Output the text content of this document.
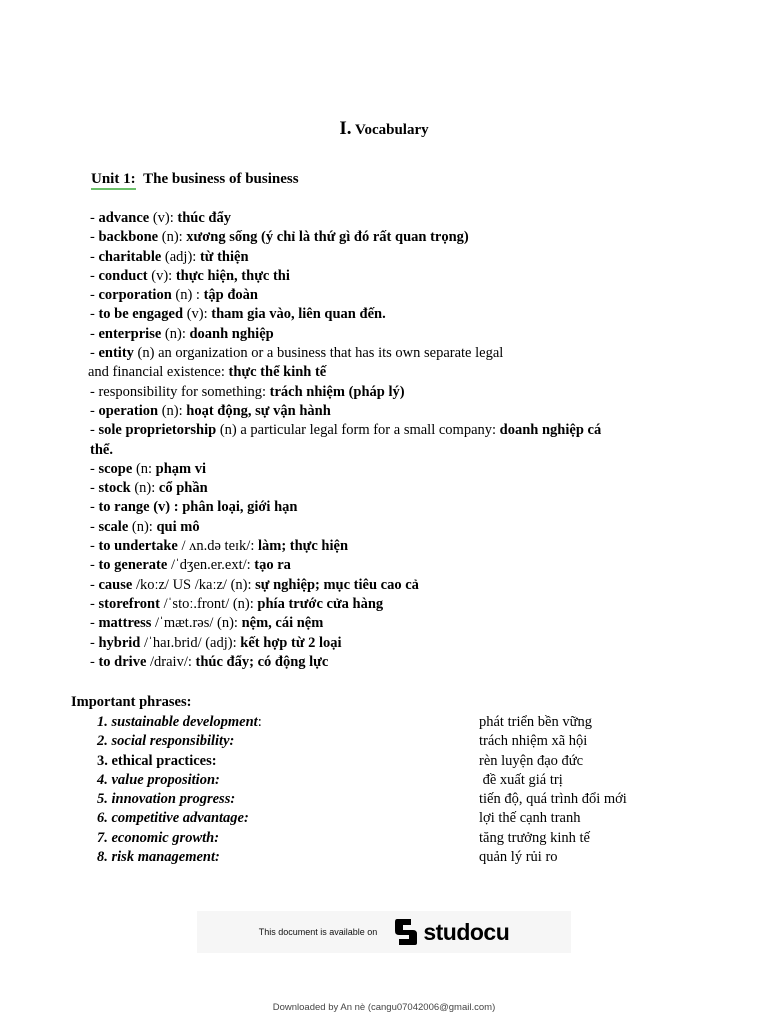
I. Vocabulary
Unit 1: The business of business
- advance (v): thúc đẩy
- backbone (n): xương sống (ý chỉ là thứ gì đó rất quan trọng)
- charitable (adj): từ thiện
- conduct (v): thực hiện, thực thi
- corporation (n) : tập đoàn
- to be engaged (v): tham gia vào, liên quan đến.
- enterprise (n): doanh nghiệp
- entity (n) an organization or a business that has its own separate legal
and financial existence: thực thể kinh tế
- responsibility for something: trách nhiệm (pháp lý)
- operation (n): hoạt động, sự vận hành
- sole proprietorship (n) a particular legal form for a small company: doanh nghiệp cá
thể.
- scope (n: phạm vi
- stock (n): cổ phần
- to range (v) : phân loại, giới hạn
- scale (n): qui mô
- to undertake / ʌn.də teɪk/: làm; thực hiện
- to generate /ˈdʒen.er.ext/: tạo ra
- cause /koːz/ US /kaːz/ (n): sự nghiệp; mục tiêu cao cả
- storefront /ˈstoː.front/ (n): phía trước cửa hàng
- mattress /ˈmæt.rəs/ (n): nệm, cái nệm
- hybrid /ˈhaɪ.brid/ (adj): kết hợp từ 2 loại
- to drive /draiv/: thúc đẩy; có động lực
Important phrases:
1. sustainable development:	phát triển bền vững
2. social responsibility:	trách nhiệm xã hội
3. ethical practices:	rèn luyện đạo đức
4. value proposition:	đề xuất giá trị
5. innovation progress:	tiến độ, quá trình đổi mới
6. competitive advantage:	lợi thế cạnh tranh
7. economic growth:	tăng trưởng kinh tế
8. risk management:	quản lý rủi ro
This document is available on studocu
Downloaded by An nè (cangu07042006@gmail.com)
